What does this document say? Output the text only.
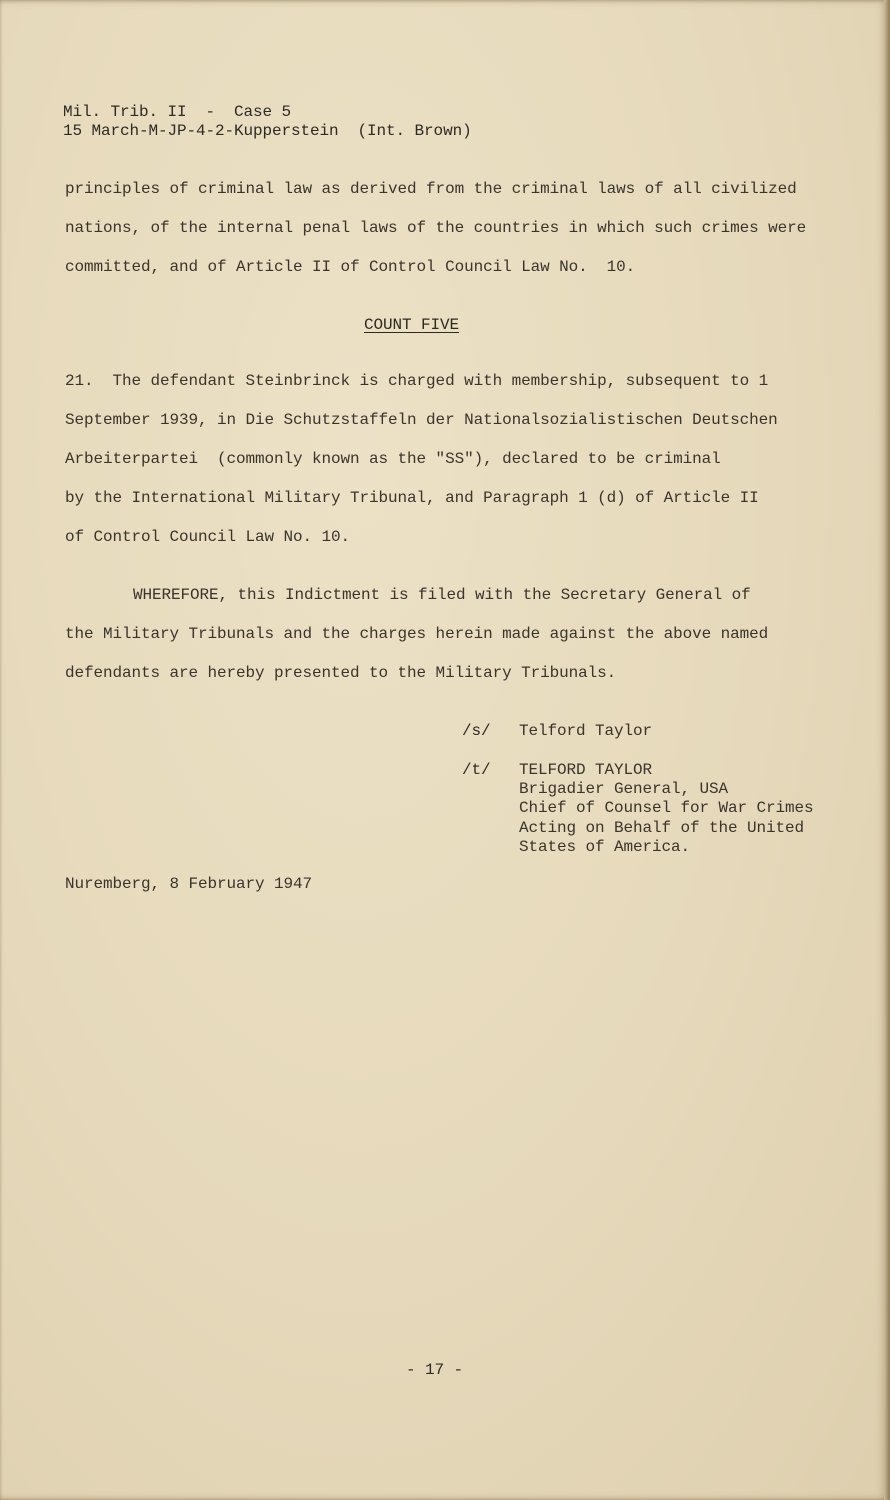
Mil. Trib. II  -  Case 5

15 March-M-JP-4-2-Kupperstein  (Int. Brown)

principles of criminal law as derived from the criminal laws of all civilized

nations, of the internal penal laws of the countries in which such crimes were

committed, and of Article II of Control Council Law No.  10.

COUNT FIVE

21.  The defendant Steinbrinck is charged with membership, subsequent to 1

September 1939, in Die Schutzstaffeln der Nationalsozialistischen Deutschen

Arbeiterpartei  (commonly known as the "SS"), declared to be criminal

by the International Military Tribunal, and Paragraph 1 (d) of Article II

of Control Council Law No. 10.

WHEREFORE, this Indictment is filed with the Secretary General of

the Military Tribunals and the charges herein made against the above named

defendants are hereby presented to the Military Tribunals.

/s/ Telford Taylor

/t/ TELFORD TAYLOR

Brigadier General, USA

Chief of Counsel for War Crimes

Acting on Behalf of the United

States of America.

Nuremberg, 8 February 1947

- 17 -
